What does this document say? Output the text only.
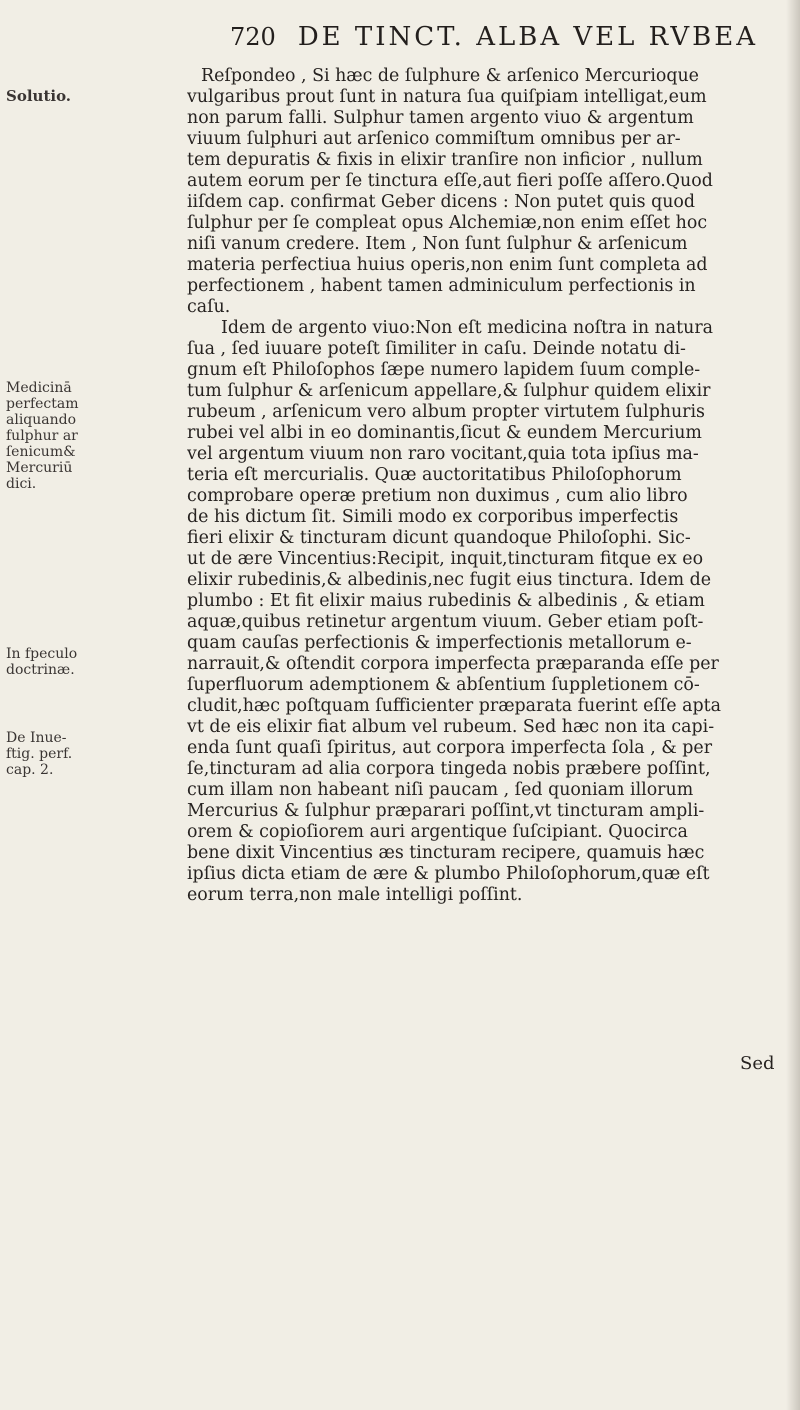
720 DE TINCT. ALBA VEL RVBEA
Solutio.
Medicinā
perfectam
aliquando
fulphur ar
ſenicum&
Mercuriū
dici.
In fpeculo
doctrinæ.
De Inue-
ftig. perf.
cap. 2.
Reſpondeo , Si hæc de ſulphure & arſenico Mercurioque
vulgaribus prout ſunt in natura ſua quiſpiam intelligat,eum
non parum falli. Sulphur tamen argento viuo & argentum
viuum ſulphuri aut arſenico commiſtum omnibus per ar-
tem depuratis & fixis in elixir tranſire non inficior , nullum
autem eorum per ſe tinctura eſſe,aut fieri poſſe aſſero.Quod
iiſdem cap. confirmat Geber dicens : Non putet quis quod
ſulphur per ſe compleat opus Alchemiæ,non enim eſſet hoc
niſi vanum credere. Item , Non ſunt ſulphur & arſenicum
materia perfectiua huius operis,non enim ſunt completa ad
perfectionem , habent tamen adminiculum perfectionis in
caſu.
Idem de argento viuo:Non eſt medicina noſtra in natura
ſua , ſed iuuare poteſt ſimiliter in caſu. Deinde notatu di-
gnum eſt Philoſophos ſæpe numero lapidem ſuum comple-
tum ſulphur & arſenicum appellare,& ſulphur quidem elixir
rubeum , arſenicum vero album propter virtutem ſulphuris
rubei vel albi in eo dominantis,ſicut & eundem Mercurium
vel argentum viuum non raro vocitant,quia tota ipſius ma-
teria eſt mercurialis. Quæ auctoritatibus Philoſophorum
comprobare operæ pretium non duximus , cum alio libro
de his dictum ſit. Simili modo ex corporibus imperfectis
fieri elixir & tincturam dicunt quandoque Philoſophi. Sic-
ut de ære Vincentius:Recipit, inquit,tincturam fitque ex eo
elixir rubedinis,& albedinis,nec fugit eius tinctura. Idem de
plumbo : Et fit elixir maius rubedinis & albedinis , & etiam
aquæ,quibus retinetur argentum viuum. Geber etiam poſt-
quam cauſas perfectionis & imperfectionis metallorum e-
narrauit,& oſtendit corpora imperfecta præparanda eſſe per
ſuperfluorum ademptionem & abſentium ſuppletionem cō-
cludit,hæc poſtquam ſufficienter præparata fuerint eſſe apta
vt de eis elixir fiat album vel rubeum. Sed hæc non ita capi-
enda ſunt quaſi ſpiritus, aut corpora imperfecta ſola , & per
ſe,tincturam ad alia corpora tingeda nobis præbere poſſint,
cum illam non habeant niſi paucam , ſed quoniam illorum
Mercurius & ſulphur præparari poſſint,vt tincturam ampli-
orem & copioſiorem auri argentique ſuſcipiant. Quocirca
bene dixit Vincentius æs tincturam recipere, quamuis hæc
ipſius dicta etiam de ære & plumbo Philoſophorum,quæ eſt
eorum terra,non male intelligi poſſint.
Sed
